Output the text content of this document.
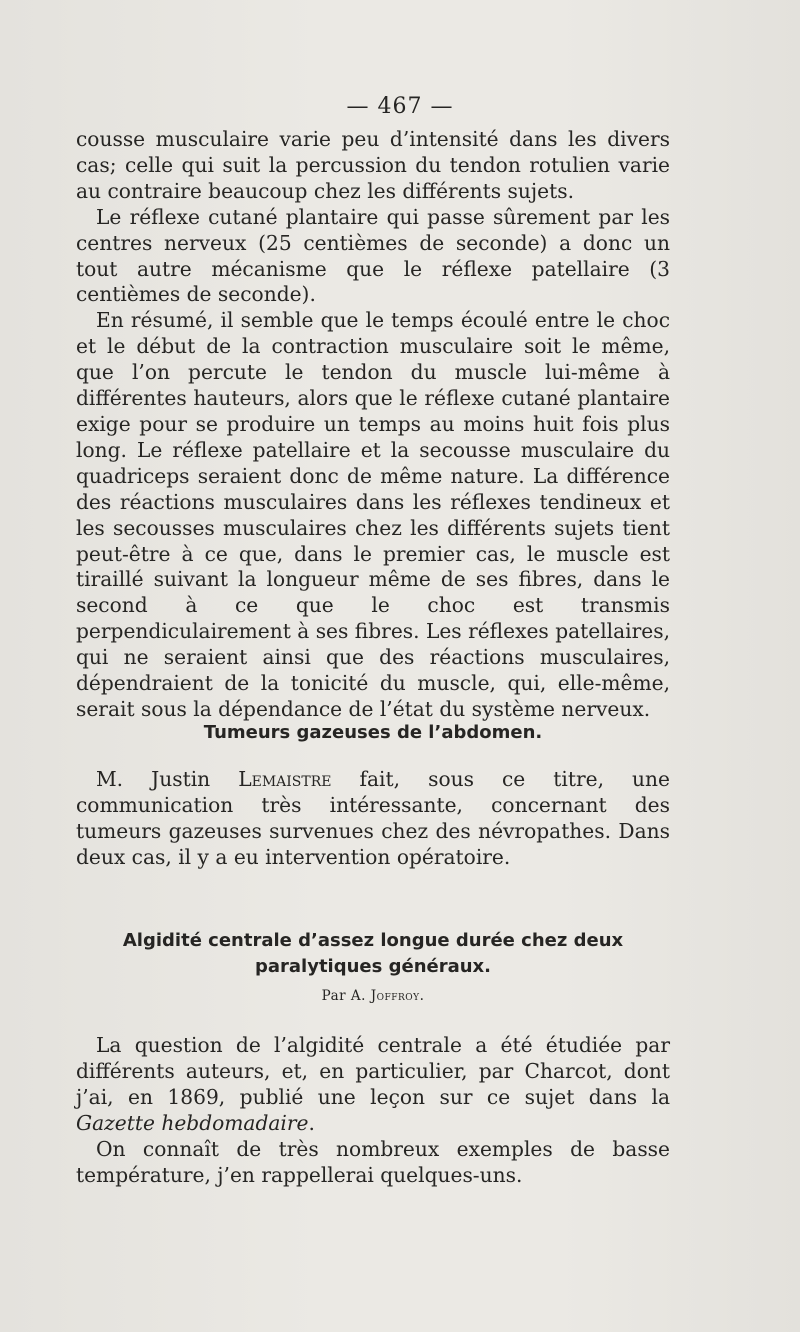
— 467 —

cousse musculaire varie peu d’intensité dans les divers cas; celle qui suit la percussion du tendon rotulien varie au contraire beaucoup chez les différents sujets.

Le réflexe cutané plantaire qui passe sûrement par les centres nerveux (25 centièmes de seconde) a donc un tout autre mécanisme que le réflexe patellaire (3 centièmes de seconde).

En résumé, il semble que le temps écoulé entre le choc et le début de la contraction musculaire soit le même, que l’on percute le tendon du muscle lui-même à différentes hauteurs, alors que le réflexe cutané plantaire exige pour se produire un temps au moins huit fois plus long. Le réflexe patellaire et la secousse musculaire du quadriceps seraient donc de même nature. La différence des réactions musculaires dans les réflexes tendineux et les secousses musculaires chez les différents sujets tient peut-être à ce que, dans le premier cas, le muscle est tiraillé suivant la longueur même de ses fibres, dans le second à ce que le choc est transmis perpendiculairement à ses fibres. Les réflexes patellaires, qui ne seraient ainsi que des réactions musculaires, dépendraient de la tonicité du muscle, qui, elle-même, serait sous la dépendance de l’état du système nerveux.

Tumeurs gazeuses de l’abdomen.

M. Justin Lemaistre fait, sous ce titre, une communication très intéressante, concernant des tumeurs gazeuses survenues chez des névropathes. Dans deux cas, il y a eu intervention opératoire.

Algidité centrale d’assez longue durée chez deux paralytiques généraux.
Par A. Joffroy.

La question de l’algidité centrale a été étudiée par différents auteurs, et, en particulier, par Charcot, dont j’ai, en 1869, publié une leçon sur ce sujet dans la Gazette hebdomadaire.

On connaît de très nombreux exemples de basse température, j’en rappellerai quelques-uns.
